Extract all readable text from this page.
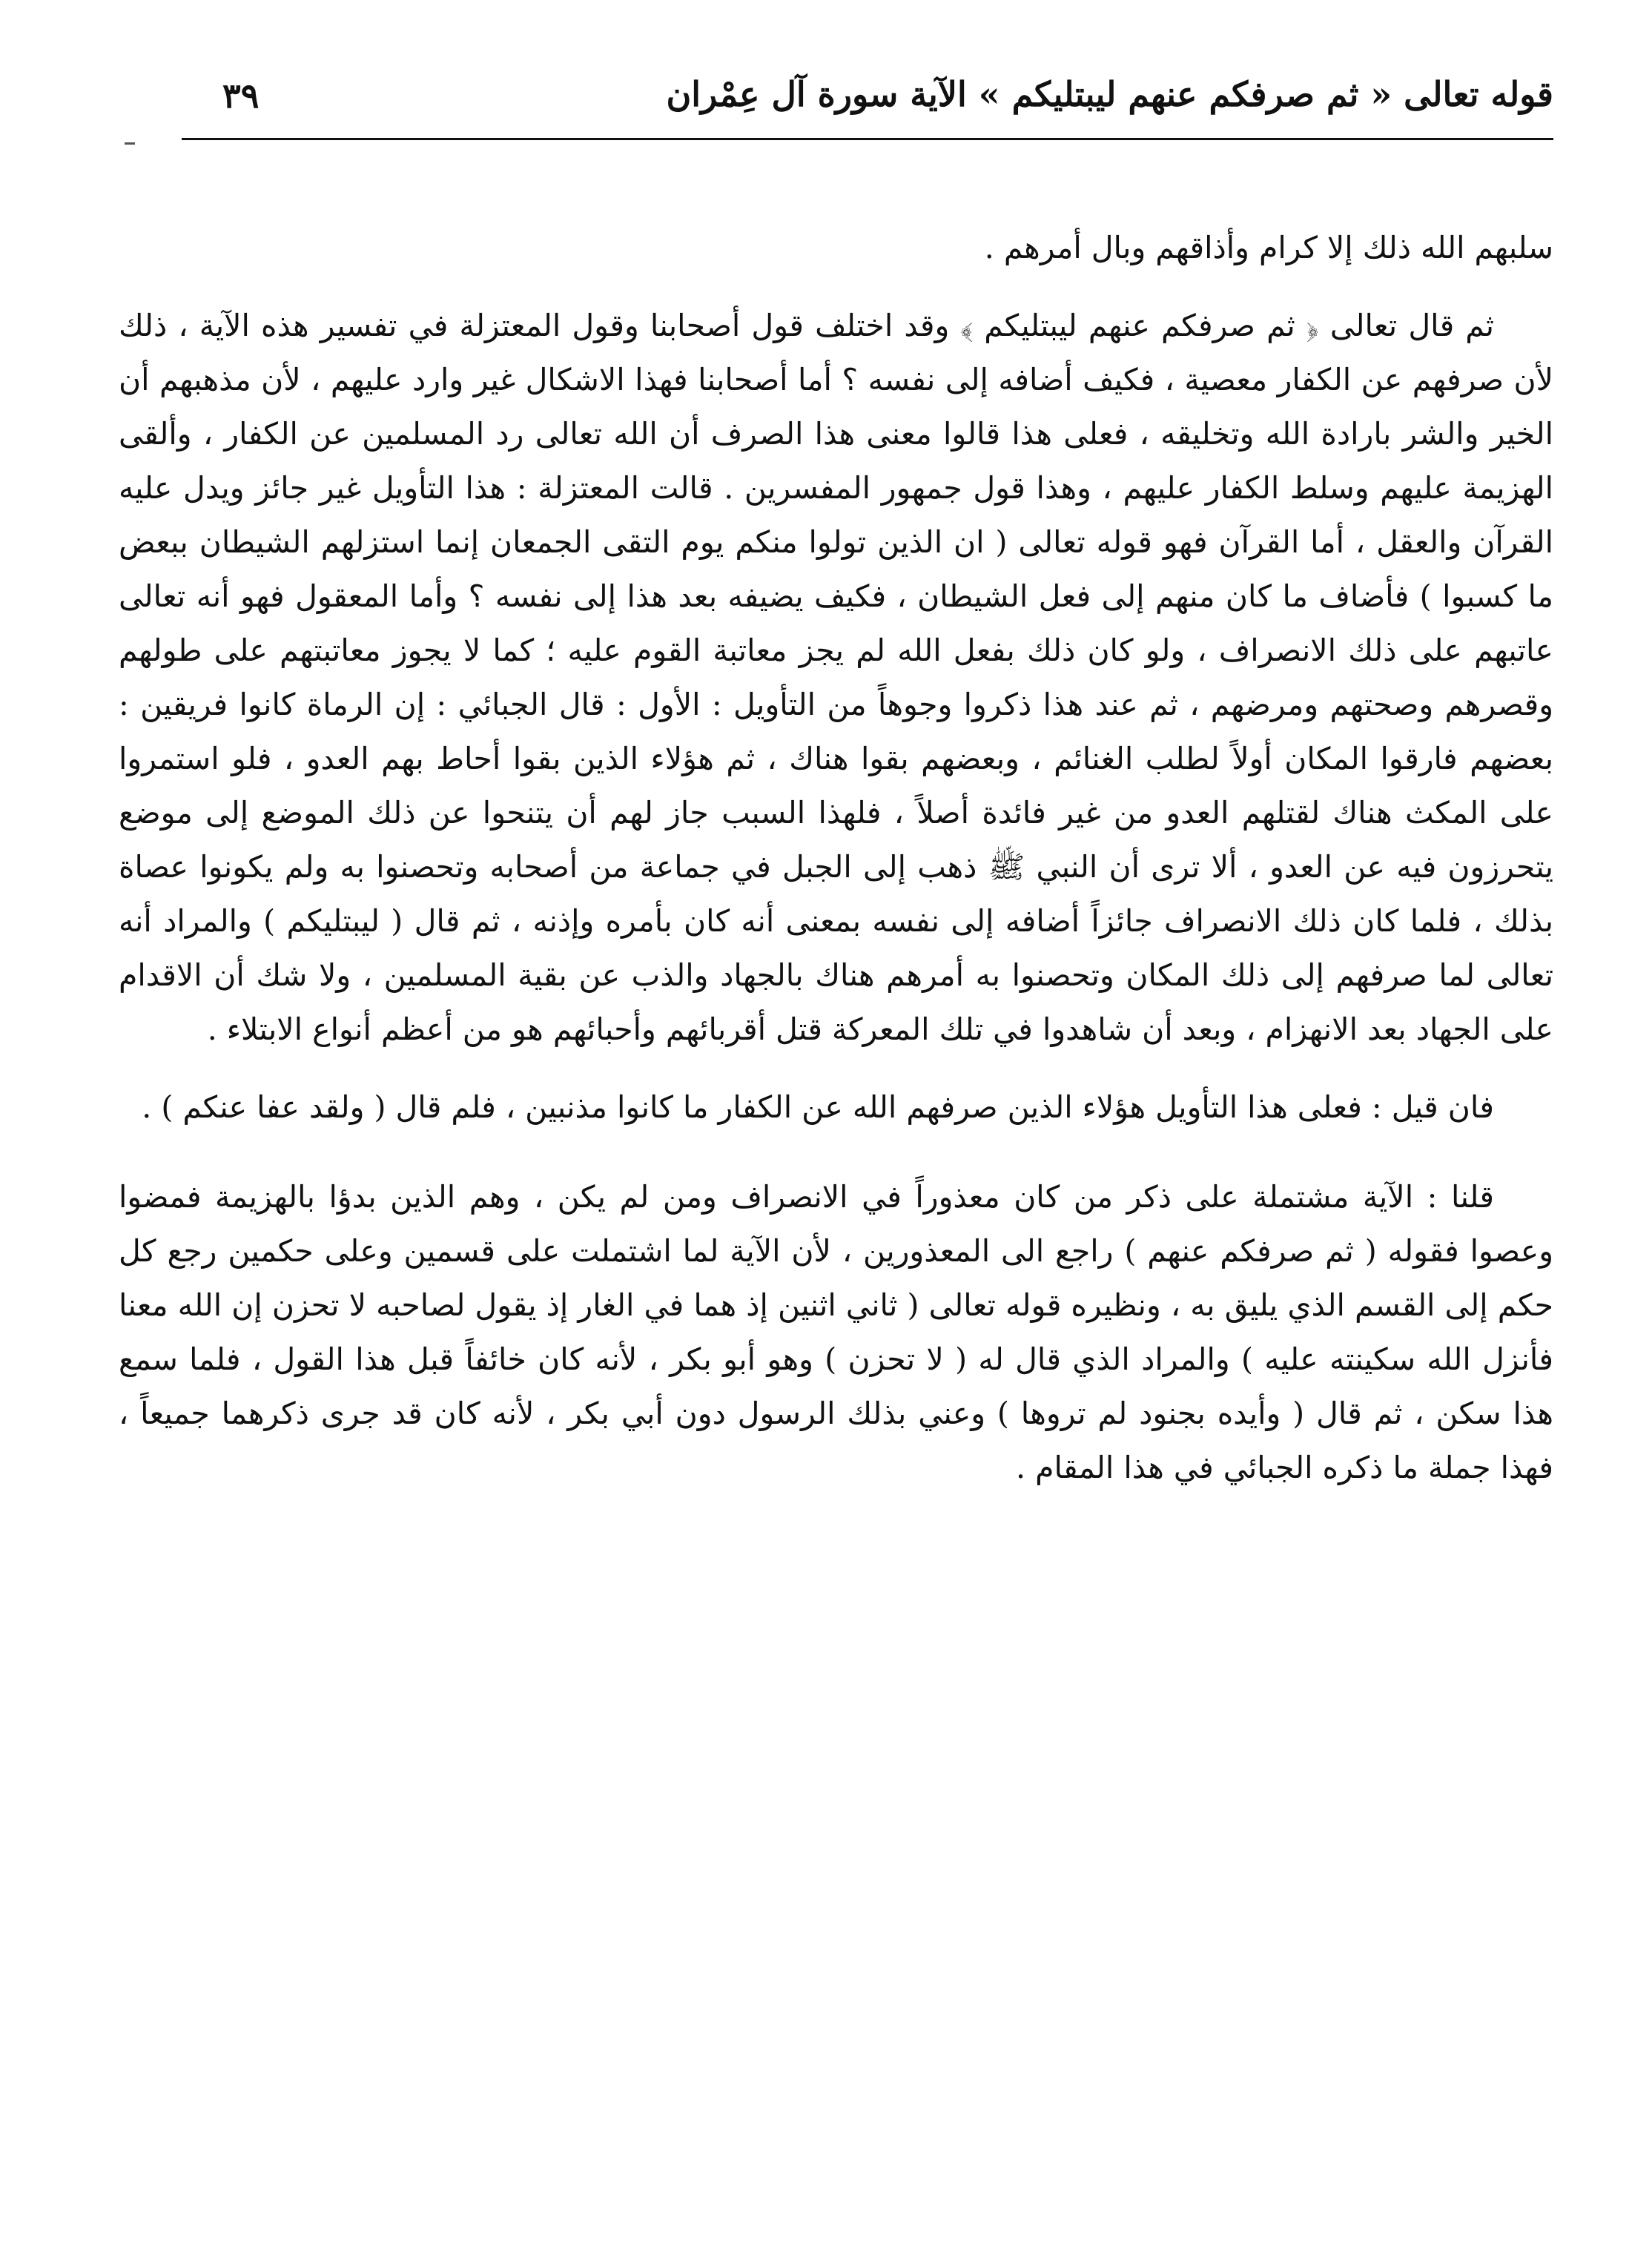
قوله تعالى « ثم صرفكم عنهم ليبتليكم » الآية سورة آل عِمْران
٣٩

سلبهم الله ذلك إلا كرام وأذاقهم وبال أمرهم .

ثم قال تعالى ﴿ ثم صرفكم عنهم ليبتليكم ﴾ وقد اختلف قول أصحابنا وقول المعتزلة في تفسير هذه الآية ، ذلك لأن صرفهم عن الكفار معصية ، فكيف أضافه إلى نفسه ؟ أما أصحابنا فهذا الاشكال غير وارد عليهم ، لأن مذهبهم أن الخير والشر بارادة الله وتخليقه ، فعلى هذا قالوا معنى هذا الصرف أن الله تعالى رد المسلمين عن الكفار ، وألقى الهزيمة عليهم وسلط الكفار عليهم ، وهذا قول جمهور المفسرين . قالت المعتزلة : هذا التأويل غير جائز ويدل عليه القرآن والعقل ، أما القرآن فهو قوله تعالى ( ان الذين تولوا منكم يوم التقى الجمعان إنما استزلهم الشيطان ببعض ما كسبوا ) فأضاف ما كان منهم إلى فعل الشيطان ، فكيف يضيفه بعد هذا إلى نفسه ؟ وأما المعقول فهو أنه تعالى عاتبهم على ذلك الانصراف ، ولو كان ذلك بفعل الله لم يجز معاتبة القوم عليه ؛ كما لا يجوز معاتبتهم على طولهم وقصرهم وصحتهم ومرضهم ، ثم عند هذا ذكروا وجوهاً من التأويل : الأول : قال الجبائي : إن الرماة كانوا فريقين : بعضهم فارقوا المكان أولاً لطلب الغنائم ، وبعضهم بقوا هناك ، ثم هؤلاء الذين بقوا أحاط بهم العدو ، فلو استمروا على المكث هناك لقتلهم العدو من غير فائدة أصلاً ، فلهذا السبب جاز لهم أن يتنحوا عن ذلك الموضع إلى موضع يتحرزون فيه عن العدو ، ألا ترى أن النبي ﷺ ذهب إلى الجبل في جماعة من أصحابه وتحصنوا به ولم يكونوا عصاة بذلك ، فلما كان ذلك الانصراف جائزاً أضافه إلى نفسه بمعنى أنه كان بأمره وإذنه ، ثم قال ( ليبتليكم ) والمراد أنه تعالى لما صرفهم إلى ذلك المكان وتحصنوا به أمرهم هناك بالجهاد والذب عن بقية المسلمين ، ولا شك أن الاقدام على الجهاد بعد الانهزام ، وبعد أن شاهدوا في تلك المعركة قتل أقربائهم وأحبائهم هو من أعظم أنواع الابتلاء .

فان قيل : فعلى هذا التأويل هؤلاء الذين صرفهم الله عن الكفار ما كانوا مذنبين ، فلم قال ( ولقد عفا عنكم ) .

قلنا : الآية مشتملة على ذكر من كان معذوراً في الانصراف ومن لم يكن ، وهم الذين بدؤا بالهزيمة فمضوا وعصوا فقوله ( ثم صرفكم عنهم ) راجع الى المعذورين ، لأن الآية لما اشتملت على قسمين وعلى حكمين رجع كل حكم إلى القسم الذي يليق به ، ونظيره قوله تعالى ( ثاني اثنين إذ هما في الغار إذ يقول لصاحبه لا تحزن إن الله معنا فأنزل الله سكينته عليه ) والمراد الذي قال له ( لا تحزن ) وهو أبو بكر ، لأنه كان خائفاً قبل هذا القول ، فلما سمع هذا سكن ، ثم قال ( وأيده بجنود لم تروها ) وعني بذلك الرسول دون أبي بكر ، لأنه كان قد جرى ذكرهما جميعاً ، فهذا جملة ما ذكره الجبائي في هذا المقام .
